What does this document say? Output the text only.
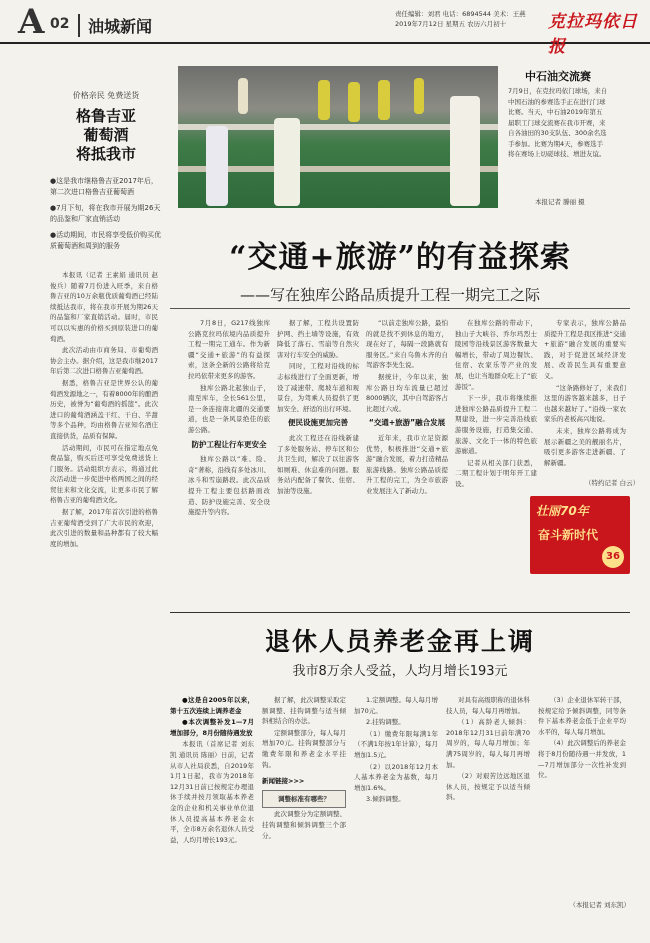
A 02	油城新闻
责任编辑：刘君 电话：6894544 美术：王燕
2019年7月12日 星期五 农历六月初十	克拉玛依日报
价格亲民 免费送货
格鲁吉亚
葡萄酒
将抵我市

●这是我市继格鲁吉亚2017年后，第二次进口格鲁吉亚葡萄酒

●7月下旬，将在我市开展为期26天的品鉴和厂家直销活动

●活动期间，市民将享受低价购买优质葡萄酒和周到的服务

中石油交流赛
7月9日，在克拉玛依门球场，来自中国石油的参赛选手正在进行门球比赛。当天，中石油2019年第五届职工门球交流赛在我市开赛，来自各油田的30支队伍、300余名选手参加。比赛为期4天，参赛选手将在赛场上切磋球技、增进友谊。
本报记者 滕丽 摄
“交通+旅游”的有益探索
——写在独库公路品质提升工程一期完工之际

本报讯（记者 王素娟 通讯员 赵俊兵）随着7月份进入旺季，来自格鲁吉亚的10万余瓶优质葡萄酒已经陆续抵达我市，将在我市开展为期26天的品鉴和厂家直销活动。届时，市民可以以实惠的价格买到原装进口的葡萄酒。

此次活动由市商务局、市葡萄酒协会主办。据介绍，这是我市继2017年后第二次进口格鲁吉亚葡萄酒。

据悉，格鲁吉亚是世界公认的葡萄酒发源地之一，有着8000年的酿酒历史，被誉为“葡萄酒的摇篮”。此次进口的葡萄酒涵盖干红、干白、半甜等多个品种，均由格鲁吉亚知名酒庄直接供货，品质有保障。

活动期间，市民可在指定地点免费品鉴，购买后还可享受免费送货上门服务。活动组织方表示，将通过此次活动进一步促进中格两国之间的经贸往来和文化交流，让更多市民了解格鲁吉亚的葡萄酒文化。

据了解，2017年首次引进的格鲁吉亚葡萄酒受到了广大市民的欢迎，此次引进的数量和品种都有了较大幅度的增加。

7月8日，G217线独库公路克拉玛依境内品质提升工程一期完工通车。作为新疆“交通+旅游”的有益探索，这条全新的公路将给克拉玛依带来更多的游客。

独库公路北起独山子，南至库车，全长561公里，是一条连接南北疆的交通要道，也是一条风景绝佳的旅游公路。

防护工程让行车更安全

独库公路以“难、险、奇”著称，沿线有多处冰川、冰斗和雪崩路段。此次品质提升工程主要包括路面改造、防护设施完善、安全设施提升等内容。

据了解，工程共设置防护网、挡土墙等设施，有效降低了落石、雪崩等自然灾害对行车安全的威胁。

同时，工程对沿线的标志标线进行了全面更新，增设了减速带、爬坡车道和观景台，为驾乘人员提供了更加安全、舒适的出行环境。

便民设施更加完善

此次工程还在沿线新建了多处服务站、停车区和公共卫生间，解决了以往游客如厕难、休息难的问题。服务站内配备了餐饮、住宿、加油等设施。

“以前走独库公路，最怕的就是找不到休息的地方，现在好了，每隔一段路就有服务区。”来自乌鲁木齐的自驾游客李先生说。

据统计，今年以来，独库公路日均车流量已超过8000辆次，其中自驾游客占比超过六成。

“交通+旅游”融合发展

近年来，我市立足资源优势，积极推进“交通+旅游”融合发展，着力打造精品旅游线路。独库公路品质提升工程的完工，为全市旅游业发展注入了新动力。

在独库公路的带动下，独山子大峡谷、乔尔玛烈士陵园等沿线景区游客数量大幅增长，带动了周边餐饮、住宿、农家乐等产业的发展，也让当地群众吃上了“旅游饭”。

下一步，我市将继续推进独库公路品质提升工程二期建设，进一步完善沿线旅游服务设施，打造集交通、旅游、文化于一体的特色旅游廊道。

记者从相关部门获悉，二期工程计划于明年开工建设。

专家表示，独库公路品质提升工程是我区推进“交通+旅游”融合发展的重要实践，对于促进区域经济发展、改善民生具有重要意义。

“这条路修好了，来我们这里的游客越来越多，日子也越来越好了。”沿线一家农家乐的老板高兴地说。

未来，独库公路将成为展示新疆之美的靓丽名片，吸引更多游客走进新疆、了解新疆。

（特约记者 白云）
壮丽70年
奋斗新时代
36
退休人员养老金再上调
我市8万余人受益，人均月增长193元

●这是自2005年以来，第十五次连续上调养老金

●本次调整补发1—7月增加部分，8月份随待遇发放

本报讯（首席记者 刘东凯 通讯员 陈丽）日前，记者从市人社局获悉，自2019年1月1日起，我市为2018年12月31日前已按规定办理退休手续并按月领取基本养老金的企业和机关事业单位退休人员提高基本养老金水平，全市8万余名退休人员受益，人均月增长193元。

据了解，此次调整采取定额调整、挂钩调整与适当倾斜相结合的办法。

定额调整部分，每人每月增加70元。挂钩调整部分与缴费年限和养老金水平挂钩。

新闻链接>>>

调整标准有哪些？

此次调整分为定额调整、挂钩调整和倾斜调整三个部分。

1.定额调整。每人每月增加70元。

2.挂钩调整。

（1）缴费年限每满1年（不满1年按1年计算），每月增加1.5元。

（2）以2018年12月本人基本养老金为基数，每月增加1.6%。

3.倾斜调整。

对具有高级职称的退休科技人员，每人每月再增加。

（1）高龄老人倾斜：2018年12月31日前年满70周岁的，每人每月增加；年满75周岁的，每人每月再增加。

（2）对艰苦边远地区退休人员，按规定予以适当倾斜。

（3）企业退休军转干部，按规定给予倾斜调整，同等条件下基本养老金低于企业平均水平的，每人每月增加。

（4）此次调整后的养老金将于8月份随待遇一并发放，1—7月增加部分一次性补发到位。

（本报记者 刘东凯）
